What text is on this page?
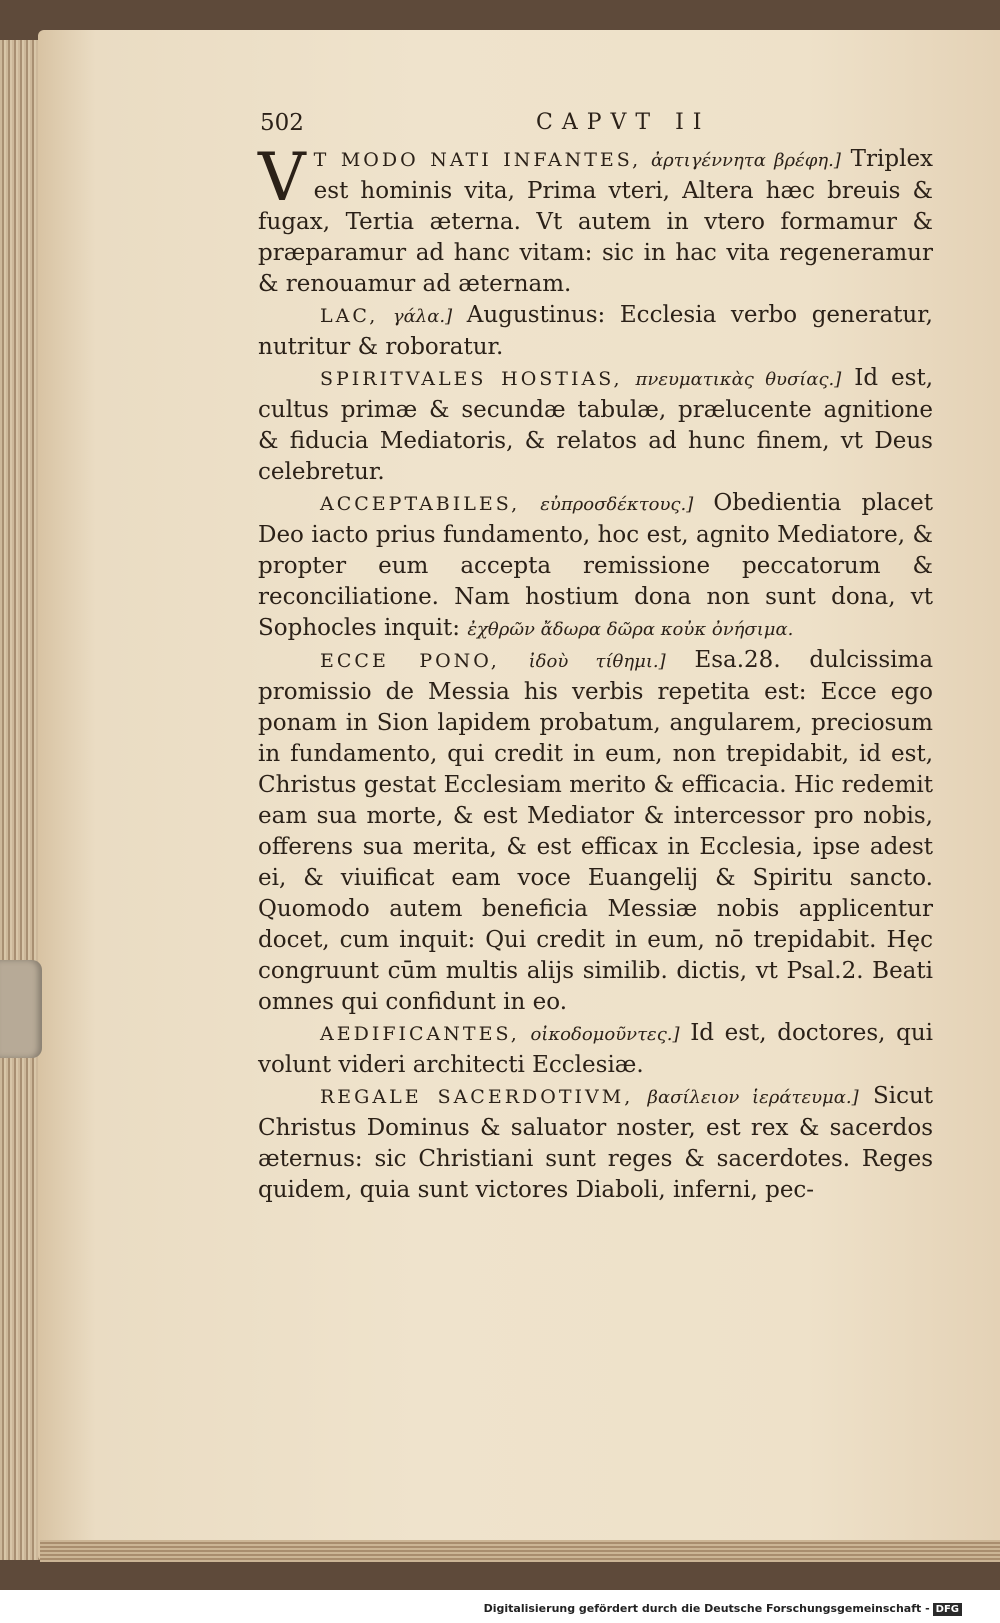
502	CAPVT II

V T MODO NATI INFANTES, ἀρτιγέννητα βρέφη.] Triplex est hominis vita, Prima vteri, Altera hæc breuis & fugax, Tertia æterna. Vt autem in vtero formamur & præparamur ad hanc vitam: sic in hac vita regeneramur & renouamur ad æternam.

LAC, γάλα.] Augustinus: Ecclesia verbo generatur, nutritur & roboratur.

SPIRITVALES HOSTIAS, πνευματικὰς θυσίας.] Id est, cultus primæ & secundæ tabulæ, prælucente agnitione & fiducia Mediatoris, & relatos ad hunc finem, vt Deus celebretur.

ACCEPTABILES, εὐπροσδέκτους.] Obedientia placet Deo iacto prius fundamento, hoc est, agnito Mediatore, & propter eum accepta remissione peccatorum & reconciliatione. Nam hostium dona non sunt dona, vt Sophocles inquit: ἐχθρῶν ἄδωρα δῶρα κοὐκ ὀνήσιμα.

ECCE PONO, ἰδοὺ τίθημι.] Esa.28. dulcissima promissio de Messia his verbis repetita est: Ecce ego ponam in Sion lapidem probatum, angularem, preciosum in fundamento, qui credit in eum, non trepidabit, id est, Christus gestat Ecclesiam merito & efficacia. Hic redemit eam sua morte, & est Mediator & intercessor pro nobis, offerens sua merita, & est efficax in Ecclesia, ipse adest ei, & viuificat eam voce Euangelij & Spiritu sancto. Quomodo autem beneficia Messiæ nobis applicentur docet, cum inquit: Qui credit in eum, nō trepidabit. Hęc congruunt cūm multis alijs similib. dictis, vt Psal.2. Beati omnes qui confidunt in eo.

AEDIFICANTES, οἰκοδομοῦντες.] Id est, doctores, qui volunt videri architecti Ecclesiæ.

REGALE SACERDOTIVM, βασίλειον ἱεράτευμα.] Sicut Christus Dominus & saluator noster, est rex & sacerdos æternus: sic Christiani sunt reges & sacerdotes. Reges quidem, quia sunt victores Diaboli, inferni, pec-

Digitalisierung gefördert durch die Deutsche Forschungsgemeinschaft - DFG
